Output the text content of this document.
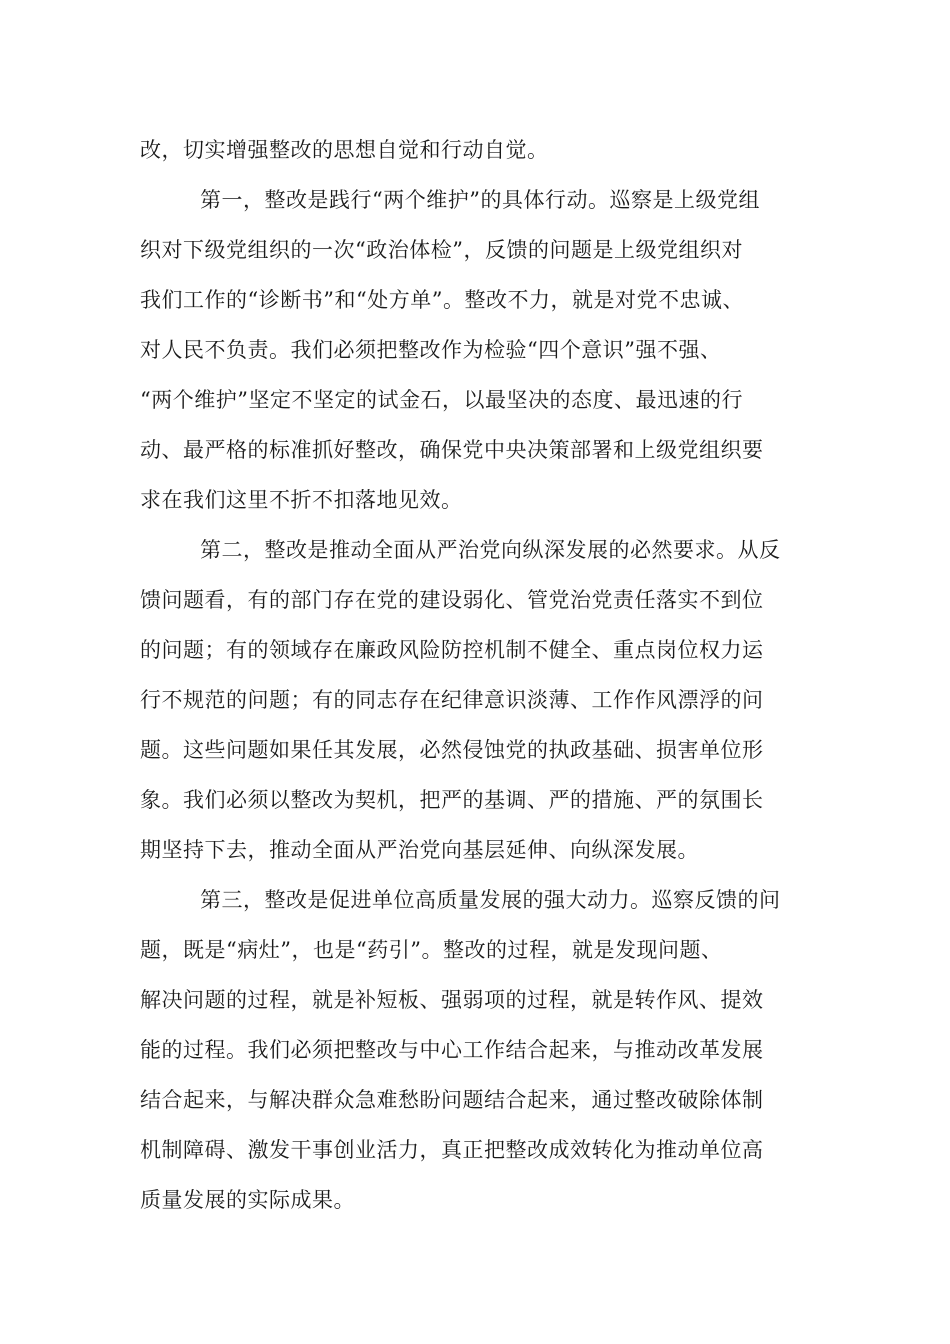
改，切实增强整改的思想自觉和行动自觉。

第一，整改是践行“两个维护”的具体行动。巡察是上级党组

织对下级党组织的一次“政治体检”，反馈的问题是上级党组织对

我们工作的“诊断书”和“处方单”。整改不力，就是对党不忠诚、

对人民不负责。我们必须把整改作为检验“四个意识”强不强、

“两个维护”坚定不坚定的试金石，以最坚决的态度、最迅速的行

动、最严格的标准抓好整改，确保党中央决策部署和上级党组织要

求在我们这里不折不扣落地见效。

第二，整改是推动全面从严治党向纵深发展的必然要求。从反

馈问题看，有的部门存在党的建设弱化、管党治党责任落实不到位

的问题；有的领域存在廉政风险防控机制不健全、重点岗位权力运

行不规范的问题；有的同志存在纪律意识淡薄、工作作风漂浮的问

题。这些问题如果任其发展，必然侵蚀党的执政基础、损害单位形

象。我们必须以整改为契机，把严的基调、严的措施、严的氛围长

期坚持下去，推动全面从严治党向基层延伸、向纵深发展。

第三，整改是促进单位高质量发展的强大动力。巡察反馈的问

题，既是“病灶”，也是“药引”。整改的过程，就是发现问题、

解决问题的过程，就是补短板、强弱项的过程，就是转作风、提效

能的过程。我们必须把整改与中心工作结合起来，与推动改革发展

结合起来，与解决群众急难愁盼问题结合起来，通过整改破除体制

机制障碍、激发干事创业活力，真正把整改成效转化为推动单位高

质量发展的实际成果。
